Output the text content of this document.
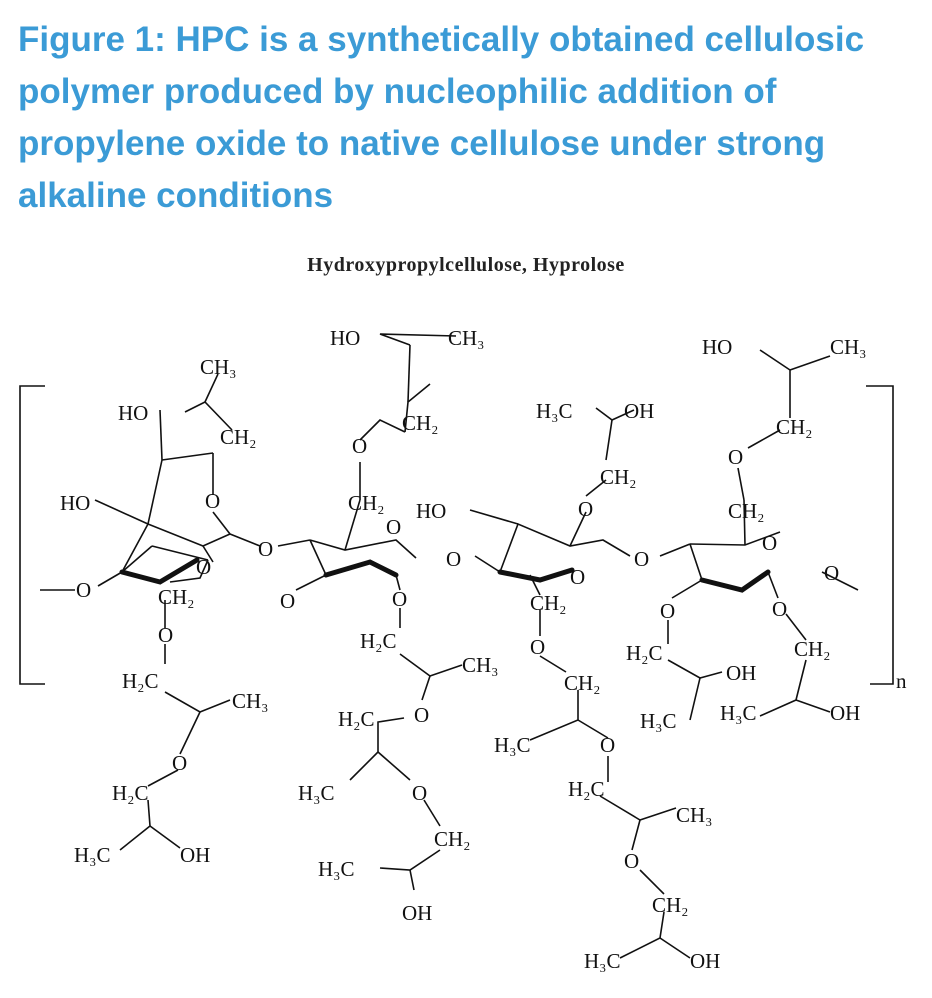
Figure 1: HPC is a synthetically obtained cellulosic polymer produced by nucleophilic addition of propylene oxide to native cellulose under strong alkaline conditions
Hydroxypropylcellulose, Hyprolose
CH₃
HO
CH₂
O
HO
O
O
O
CH₂
O
H₂C
CH₃
O
H₂C
H₃C	OH
HO	CH₃
CH₂
O
CH₂
O
HO
O	O
H₂C
CH₃
H₂C O
H₃C	O
CH₂
H₃C
OH
O
H₃C OH
CH₂
O
O
CH₂
O
CH₂
H₃C	O
H₂C
CH₃
O
CH₂
H₃C	OH
O
HO	CH₃
CH₂
O
CH₂
O
O
O	O
CH₂
H₂C
OH
H₃C H₃C	OH
n
